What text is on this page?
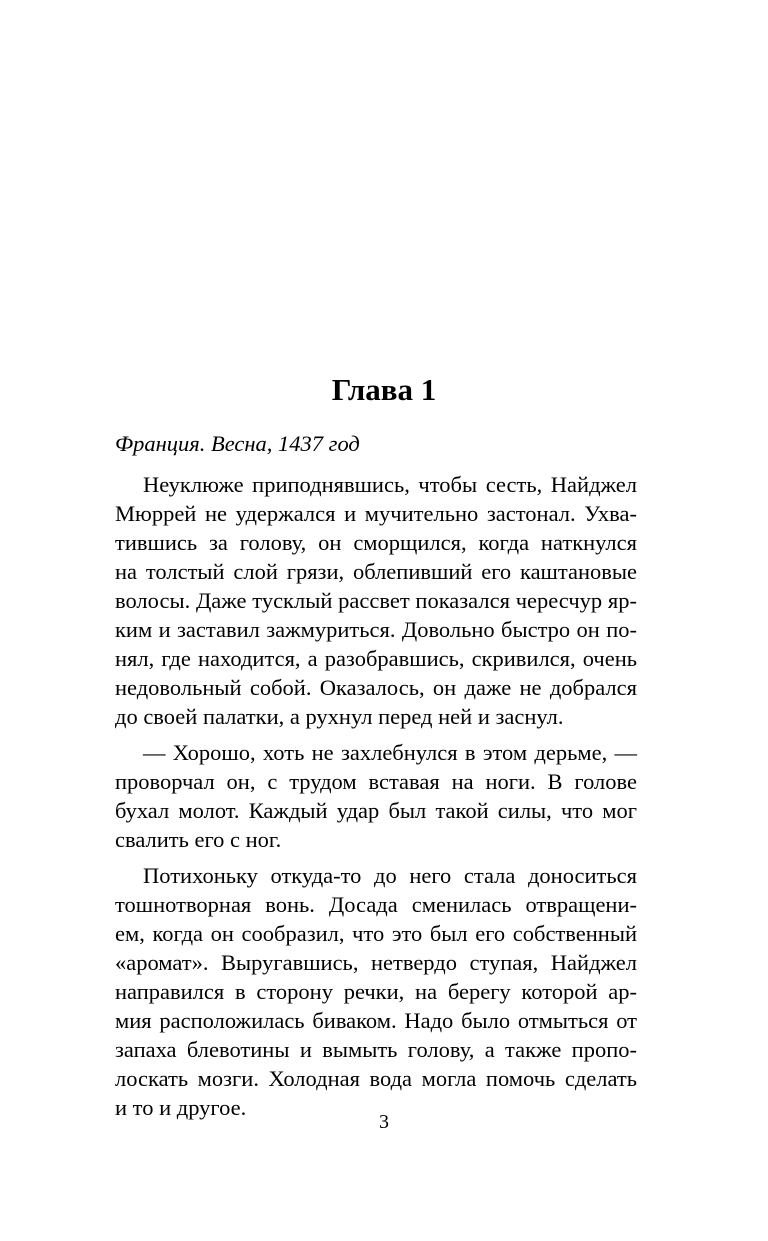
Глава 1

Франция. Весна, 1437 год

Неуклюже приподнявшись, чтобы сесть, Найджел
Мюррей не удержался и мучительно застонал. Ухва-
тившись за голову, он сморщился, когда наткнулся
на толстый слой грязи, облепивший его каштановые
волосы. Даже тусклый рассвет показался чересчур яр-
ким и заставил зажмуриться. Довольно быстро он по-
нял, где находится, а разобравшись, скривился, очень
недовольный собой. Оказалось, он даже не добрался
до своей палатки, а рухнул перед ней и заснул.

— Хорошо, хоть не захлебнулся в этом дерьме, —
проворчал он, с трудом вставая на ноги. В голове
бухал молот. Каждый удар был такой силы, что мог
свалить его с ног.

Потихоньку откуда-то до него стала доноситься
тошнотворная вонь. Досада сменилась отвращени-
ем, когда он сообразил, что это был его собственный
«аромат». Выругавшись, нетвердо ступая, Найджел
направился в сторону речки, на берегу которой ар-
мия расположилась биваком. Надо было отмыться от
запаха блевотины и вымыть голову, а также пропо-
лоскать мозги. Холодная вода могла помочь сделать
и то и другое.

3
